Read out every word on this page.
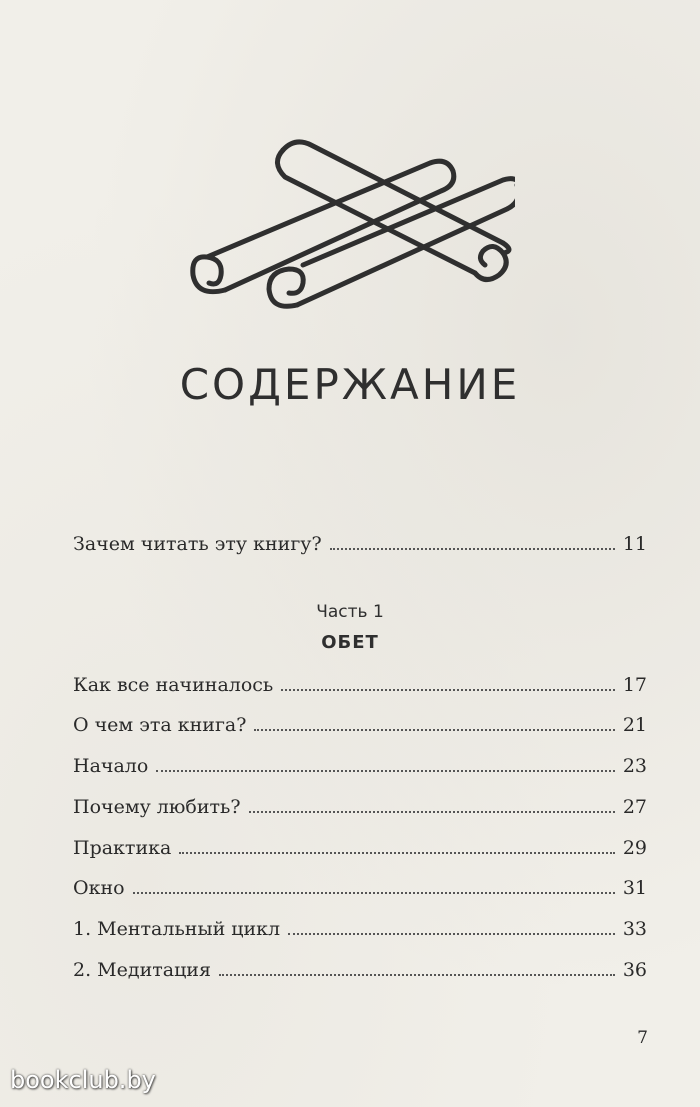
СОДЕРЖАНИЕ
Зачем читать эту книгу?	11
Часть 1
ОБЕТ
Как все начиналось	17
О чем эта книга?	21
Начало	23
Почему любить?	27
Практика	29
Окно	31
1. Ментальный цикл	33
2. Медитация	36
7
bookclub.by
